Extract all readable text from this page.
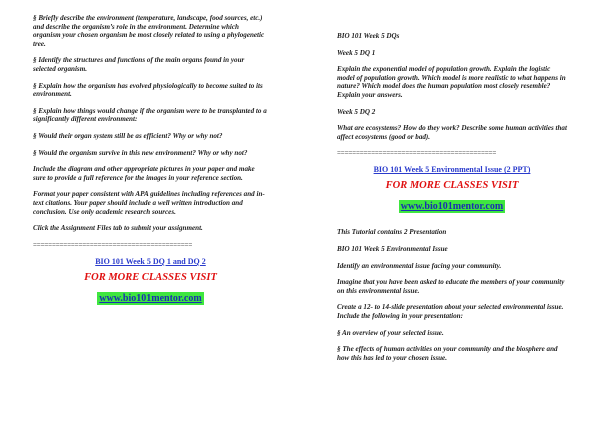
§ Briefly describe the environment (temperature, landscape, food sources, etc.) and describe the organism’s role in the environment. Determine which organism your chosen organism be most closely related to using a phylogenetic tree.

§ Identify the structures and functions of the main organs found in your selected organism.

§ Explain how the organism has evolved physiologically to become suited to its environment.

§ Explain how things would change if the organism were to be transplanted to a significantly different environment:

§ Would their organ system still be as efficient? Why or why not?

§ Would the organism survive in this new environment? Why or why not?

Include the diagram and other appropriate pictures in your paper and make sure to provide a full reference for the images in your reference section.

Format your paper consistent with APA guidelines including references and in-text citations. Your paper should include a well written introduction and conclusion. Use only academic research sources.

Click the Assignment Files tab to submit your assignment.

==========================================
BIO 101 Week 5 DQ 1 and DQ 2
FOR MORE CLASSES VISIT
www.bio101mentor.com

BIO 101 Week 5 DQs

Week 5 DQ 1

Explain the exponential model of population growth. Explain the logistic model of population growth. Which model is more realistic to what happens in nature? Which model does the human population most closely resemble? Explain your answers.

Week 5 DQ 2

What are ecosystems? How do they work? Describe some human activities that affect ecosystems (good or bad).

==========================================
BIO 101 Week 5 Environmental Issue (2 PPT)
FOR MORE CLASSES VISIT
www.bio101mentor.com

This Tutorial contains 2 Presentation

BIO 101 Week 5 Environmental Issue

Identify an environmental issue facing your community.

Imagine that you have been asked to educate the members of your community on this environmental issue.

Create a 12- to 14-slide presentation about your selected environmental issue. Include the following in your presentation:

§ An overview of your selected issue.

§ The effects of human activities on your community and the biosphere and how this has led to your chosen issue.
